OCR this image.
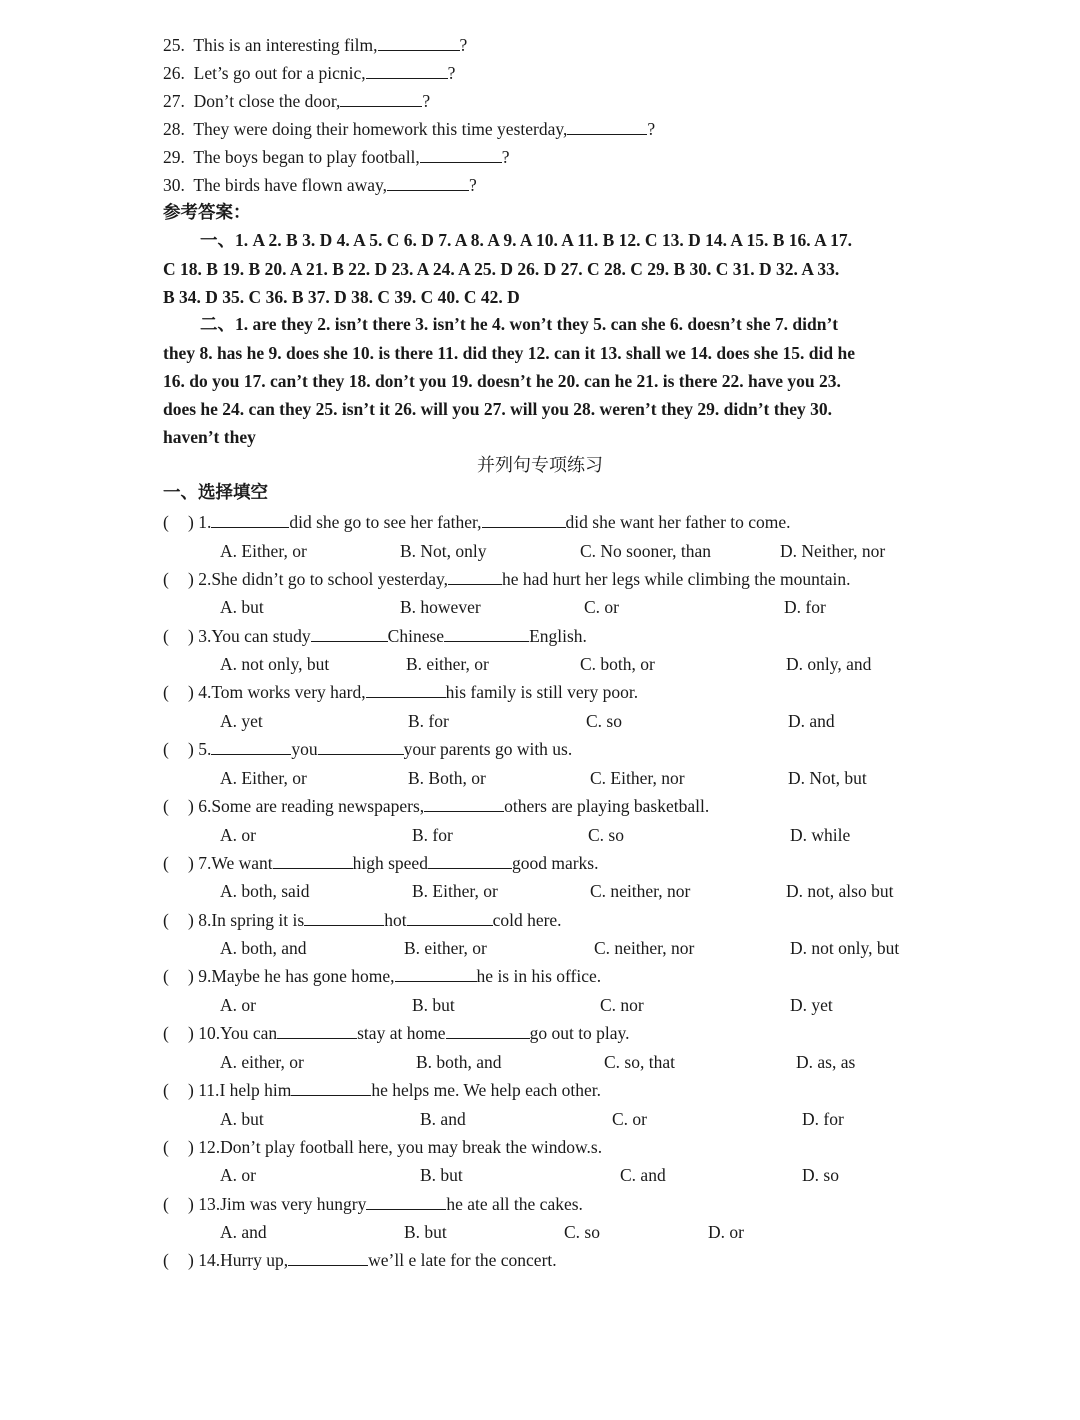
25. This is an interesting film,	?
26. Let’s go out for a picnic,	?
27. Don’t close the door,	?
28. They were doing their homework this time yesterday,	?
29. The boys began to play football,	?
30. The birds have flown away,	?
参考答案：
一、1. A 2. B 3. D 4. A 5. C 6. D 7. A 8. A 9. A 10. A 11. B 12. C 13. D 14. A 15. B 16. A 17.
C 18. B 19. B 20. A 21. B 22. D 23. A 24. A 25. D 26. D 27. C 28. C 29. B 30. C 31. D 32. A 33.
B 34. D 35. C 36. B 37. D 38. C 39. C 40. C 42. D
二、1. are they 2. isn’t there 3. isn’t he 4. won’t they 5. can she 6. doesn’t she 7. didn’t
they 8. has he 9. does she 10. is there 11. did they 12. can it 13. shall we 14. does she 15. did he
16. do you 17. can’t they 18. don’t you 19. doesn’t he 20. can he 21. is there 22. have you 23.
does he 24. can they 25. isn’t it 26. will you 27. will you 28. weren’t they 29. didn’t they 30.
haven’t they
并列句专项练习
一、选择填空
( ) 1.	did she go to see her father,	did she want her father to come.
A. Either, or	B. Not, only	C. No sooner, than	D. Neither, nor
( ) 2.She didn’t go to school yesterday,	he had hurt her legs while climbing the mountain.
A. but	B. however	C. or	D. for
( ) 3.You can study	Chinese	English.
A. not only, but	B. either, or	C. both, or	D. only, and
( ) 4.Tom works very hard,	his family is still very poor.
A. yet	B. for	C. so	D. and
( ) 5.	you	your parents go with us.
A. Either, or	B. Both, or	C. Either, nor	D. Not, but
( ) 6.Some are reading newspapers,	others are playing basketball.
A. or	B. for	C. so	D. while
( ) 7.We want	high speed	good marks.
A. both, said	B. Either, or	C. neither, nor	D. not, also but
( ) 8.In spring it is	hot	cold here.
A. both, and	B. either, or	C. neither, nor	D. not only, but
( ) 9.Maybe he has gone home,	he is in his office.
A. or	B. but	C. nor	D. yet
( ) 10.You can	stay at home	go out to play.
A. either, or	B. both, and	C. so, that	D. as, as
( ) 11.I help him	he helps me. We help each other.
A. but	B. and	C. or	D. for
( ) 12.Don’t play football here, you may break the window.s.
A. or	B. but	C. and	D. so
( ) 13.Jim was very hungry	he ate all the cakes.
A. and	B. but	C. so	D. or
( ) 14.Hurry up,	we’ll e late for the concert.
